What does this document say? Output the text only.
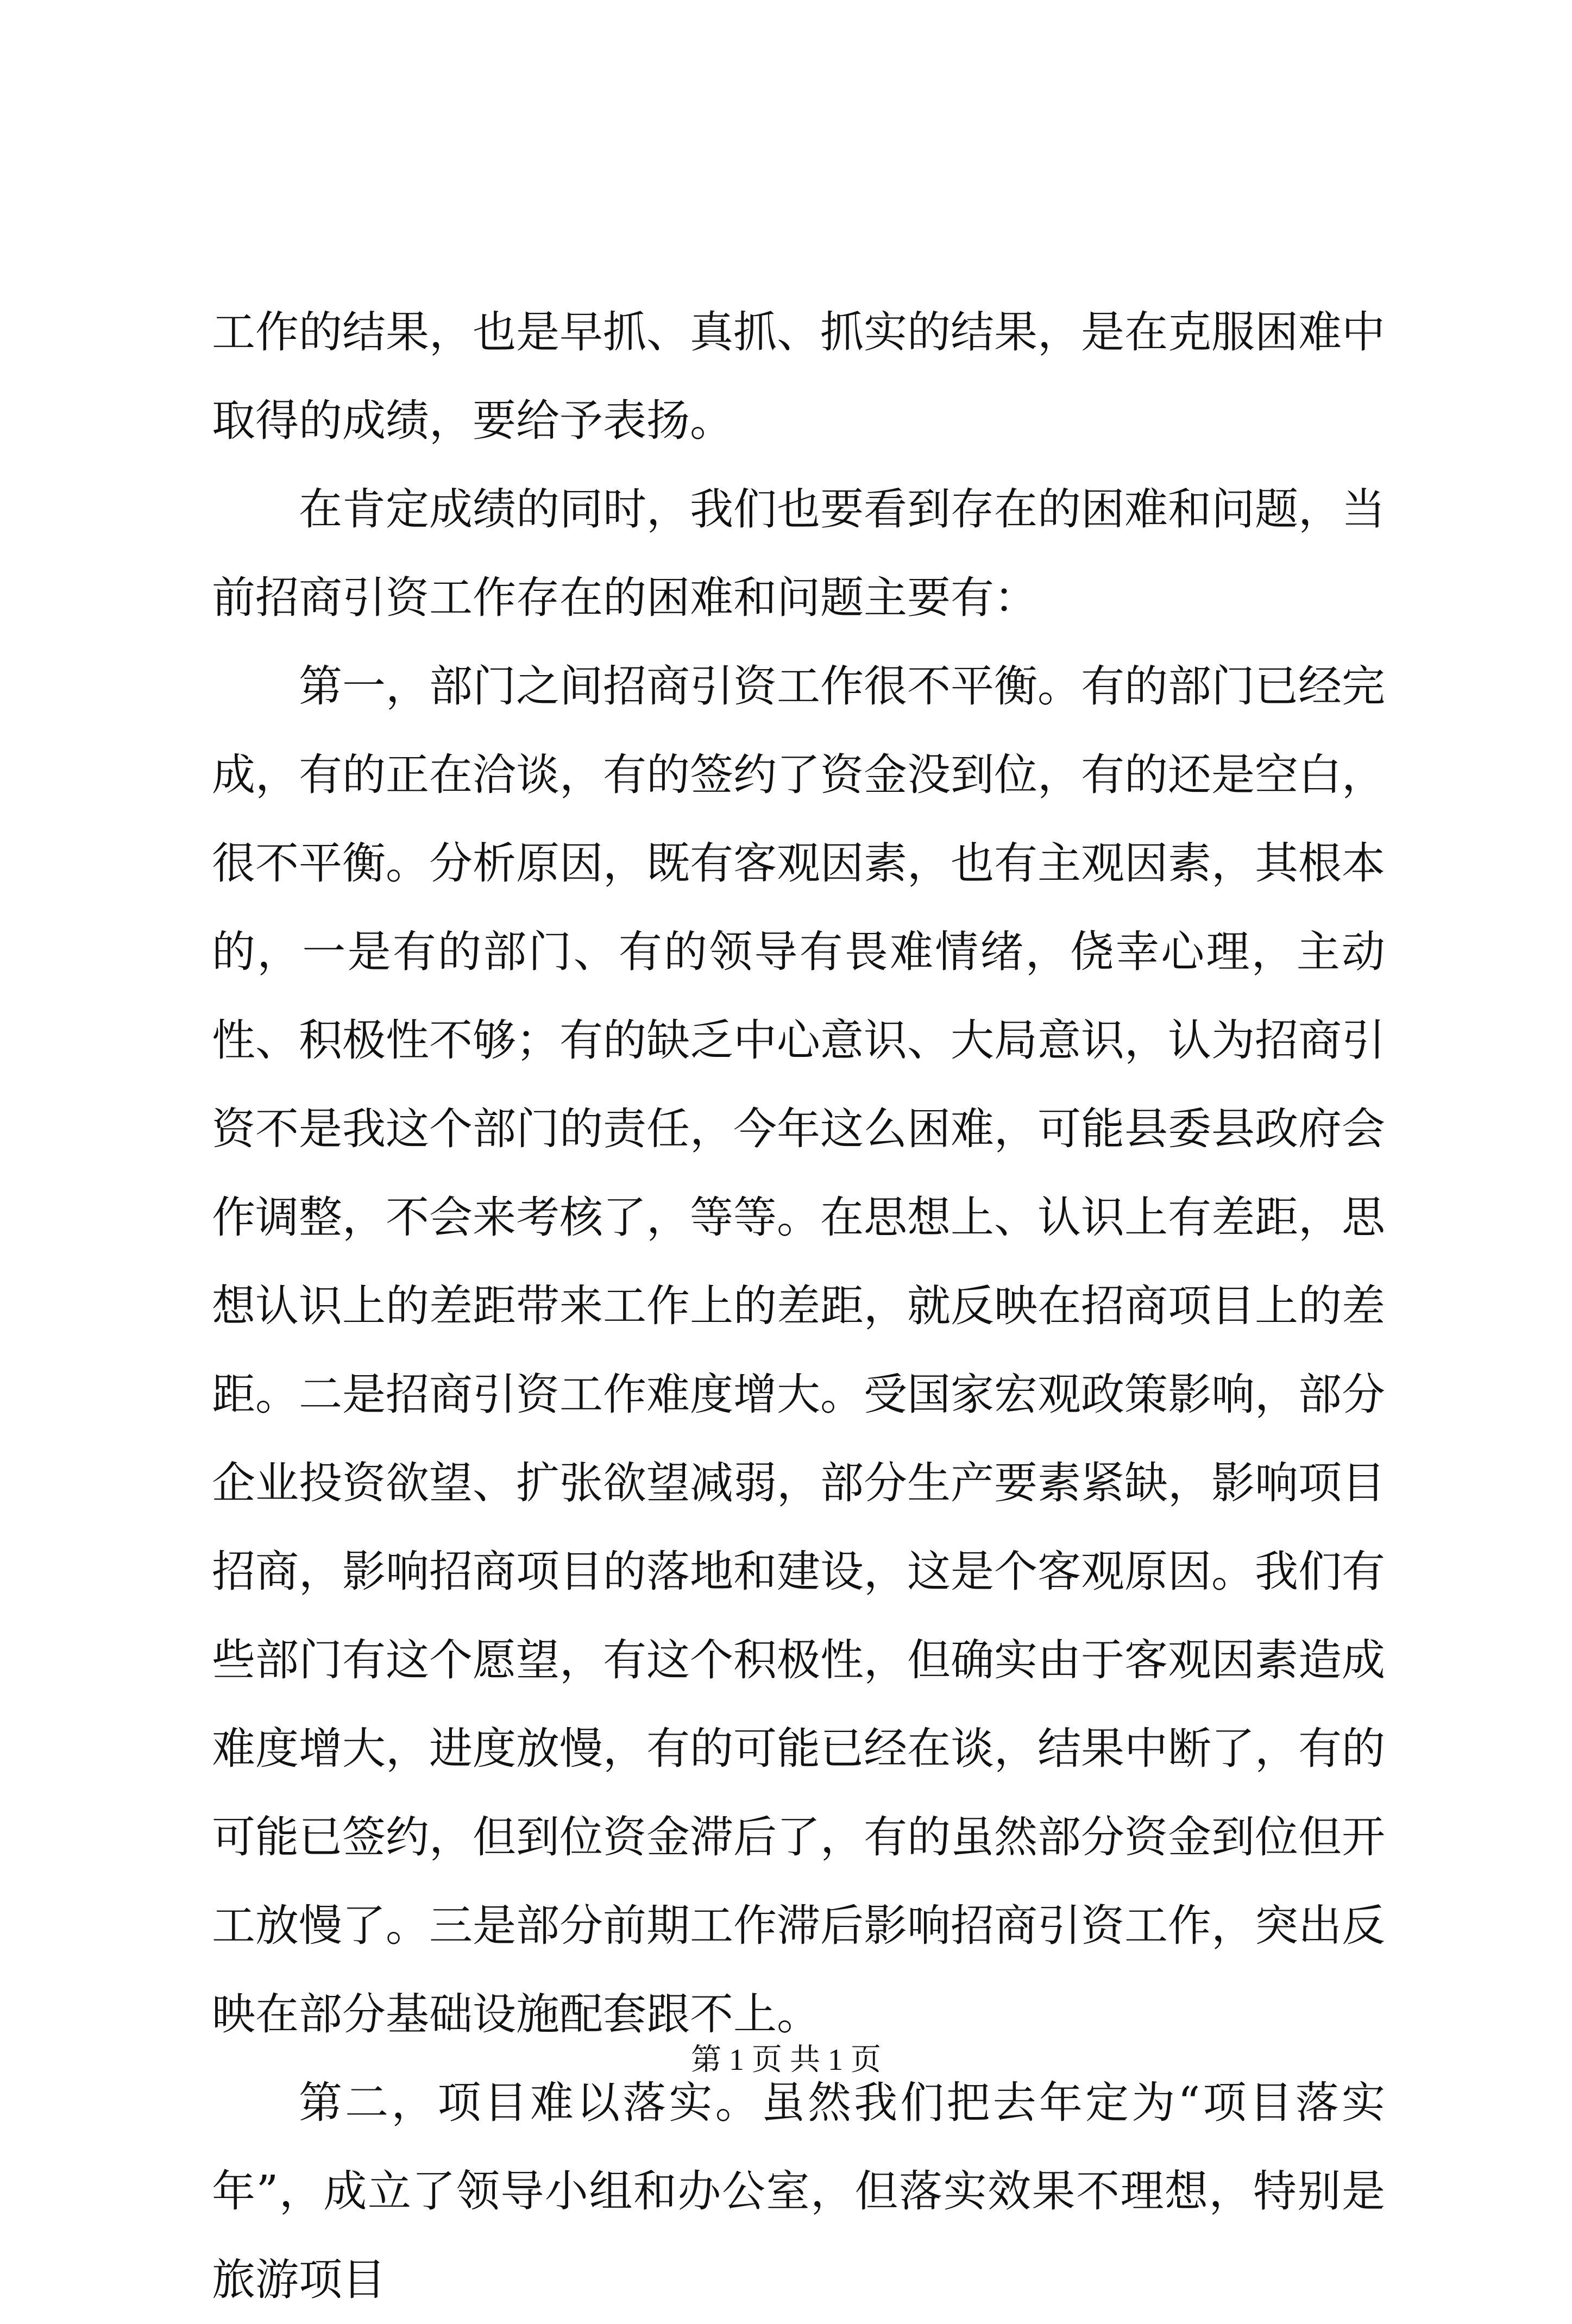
工作的结果，也是早抓、真抓、抓实的结果，是在克服困难中取得的成绩，要给予表扬。

在肯定成绩的同时，我们也要看到存在的困难和问题，当前招商引资工作存在的困难和问题主要有：

第一，部门之间招商引资工作很不平衡。有的部门已经完成，有的正在洽谈，有的签约了资金没到位，有的还是空白，很不平衡。分析原因，既有客观因素，也有主观因素，其根本的，一是有的部门、有的领导有畏难情绪，侥幸心理，主动性、积极性不够；有的缺乏中心意识、大局意识，认为招商引资不是我这个部门的责任，今年这么困难，可能县委县政府会作调整，不会来考核了，等等。在思想上、认识上有差距，思想认识上的差距带来工作上的差距，就反映在招商项目上的差距。二是招商引资工作难度增大。受国家宏观政策影响，部分企业投资欲望、扩张欲望减弱，部分生产要素紧缺，影响项目招商，影响招商项目的落地和建设，这是个客观原因。我们有些部门有这个愿望，有这个积极性，但确实由于客观因素造成难度增大，进度放慢，有的可能已经在谈，结果中断了，有的可能已签约，但到位资金滞后了，有的虽然部分资金到位但开工放慢了。三是部分前期工作滞后影响招商引资工作，突出反映在部分基础设施配套跟不上。

第二，项目难以落实。虽然我们把去年定为“项目落实年”，成立了领导小组和办公室，但落实效果不理想，特别是旅游项目

第 1 页 共 1 页
